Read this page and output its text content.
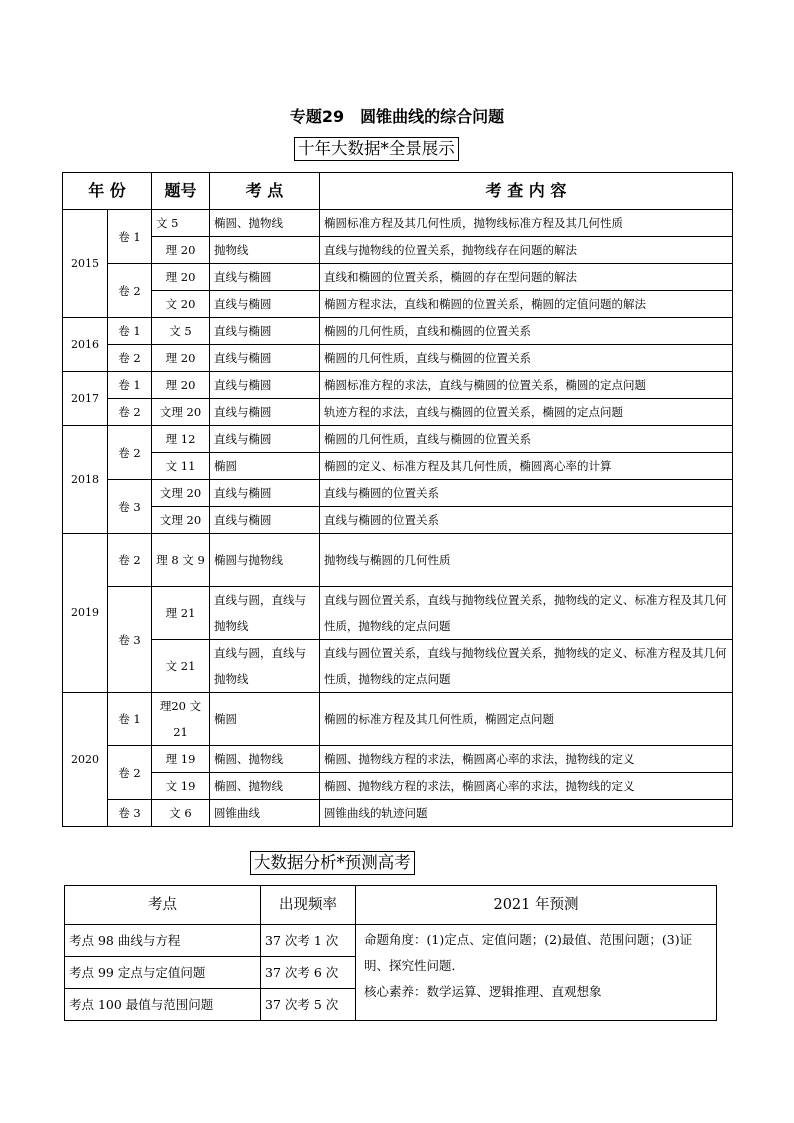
专题29　圆锥曲线的综合问题
十年大数据*全景展示
年 份		题号	考 点	考 查 内 容
2015	卷 1	文 5	椭圆、抛物线	椭圆标准方程及其几何性质，抛物线标准方程及其几何性质
		理 20	抛物线	直线与抛物线的位置关系，抛物线存在问题的解法
	卷 2	理 20	直线与椭圆	直线和椭圆的位置关系，椭圆的存在型问题的解法
		文 20	直线与椭圆	椭圆方程求法，直线和椭圆的位置关系，椭圆的定值问题的解法
2016	卷 1	文 5	直线与椭圆	椭圆的几何性质，直线和椭圆的位置关系
	卷 2	理 20	直线与椭圆	椭圆的几何性质，直线与椭圆的位置关系
2017	卷 1	理 20	直线与椭圆	椭圆标准方程的求法，直线与椭圆的位置关系，椭圆的定点问题
	卷 2	文理 20	直线与椭圆	轨迹方程的求法，直线与椭圆的位置关系，椭圆的定点问题
2018	卷 2	理 12	直线与椭圆	椭圆的几何性质，直线与椭圆的位置关系
		文 11	椭圆	椭圆的定义、标准方程及其几何性质，椭圆离心率的计算
	卷 3	文理 20	直线与椭圆	直线与椭圆的位置关系
		文理 20	直线与椭圆	直线与椭圆的位置关系
2019	卷 2	理 8 文 9	椭圆与抛物线	抛物线与椭圆的几何性质
	卷 3	理 21	直线与圆，直线与抛物线	直线与圆位置关系，直线与抛物线位置关系，抛物线的定义、标准方程及其几何性质，抛物线的定点问题
		文 21	直线与圆，直线与抛物线	直线与圆位置关系，直线与抛物线位置关系，抛物线的定义、标准方程及其几何性质，抛物线的定点问题
2020	卷 1	理20 文 21	椭圆	椭圆的标准方程及其几何性质，椭圆定点问题
	卷 2	理 19	椭圆、抛物线	椭圆、抛物线方程的求法，椭圆离心率的求法，抛物线的定义
		文 19	椭圆、抛物线	椭圆、抛物线方程的求法，椭圆离心率的求法，抛物线的定义
	卷 3	文 6	圆锥曲线	圆锥曲线的轨迹问题
大数据分析*预测高考
考点	出现频率	2021 年预测
考点 98 曲线与方程	37 次考 1 次	命题角度：(1)定点、定值问题；(2)最值、范围问题；(3)证明、探究性问题．
核心素养：数学运算、逻辑推理、直观想象

考点 99 定点与定值问题	37 次考 6 次	
考点 100 最值与范围问题	37 次考 5 次	
